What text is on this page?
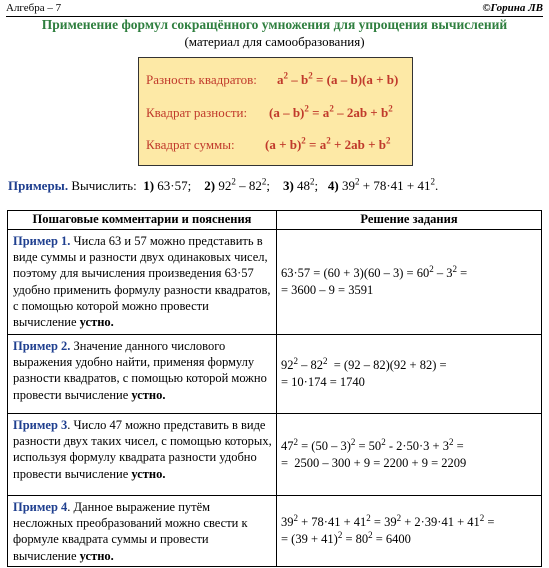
Алгебра – 7	©Горина ЛВ
Применение формул сокращённого умножения для упрощения вычислений
(материал для самообразования)
Разность квадратов: $a^2 - b^2 = (a - b)(a + b)$
Квадрат разности: $(a - b)^2 = a^2 - 2ab + b^2$
Квадрат суммы: $(a + b)^2 = a^2 + 2ab + b^2$
Примеры. Вычислить: 1) 63·57;    2) $92^2 - 82^2$;    3) $48^2$;   4) $39^2 + 78\cdot 41 + 41^2$.
Пошаговые комментарии и пояснения	Решение задания
Пример 1. Числа 63 и 57 можно представить в виде суммы и разности двух одинаковых чисел, поэтому для вычисления произведения 63·57 удобно применить формулу разности квадратов, с помощью которой можно провести вычисление устно.	$63\cdot 57 = (60 + 3)(60 - 3) = 60^2 - 3^2$ =
= 3600 – 9 = 3591

Пример 2. Значение данного числового выражения удобно найти, применяя формулу разности квадратов, с помощью которой можно провести вычисление устно.	$92^2 - 82^2 = (92 - 82)(92 + 82)$ =
= 10·174 = 1740

Пример 3. Число 47 можно представить в виде разности двух таких чисел, с помощью которых, используя формулу квадрата разности удобно провести вычисление устно.	$47^2 = (50 - 3)^2 = 50^2 - 2\cdot 50\cdot 3 + 3^2$ =
=  2500 – 300 + 9 = 2200 + 9 = 2209

Пример 4. Данное выражение путём несложных преобразований можно свести к формуле квадрата суммы и провести вычисление устно.	$39^2 + 78\cdot 41 + 41^2 = 39^2 + 2\cdot 39\cdot 41 + 41^2$ =
= $(39 + 41)^2 = 80^2 = 6400$
